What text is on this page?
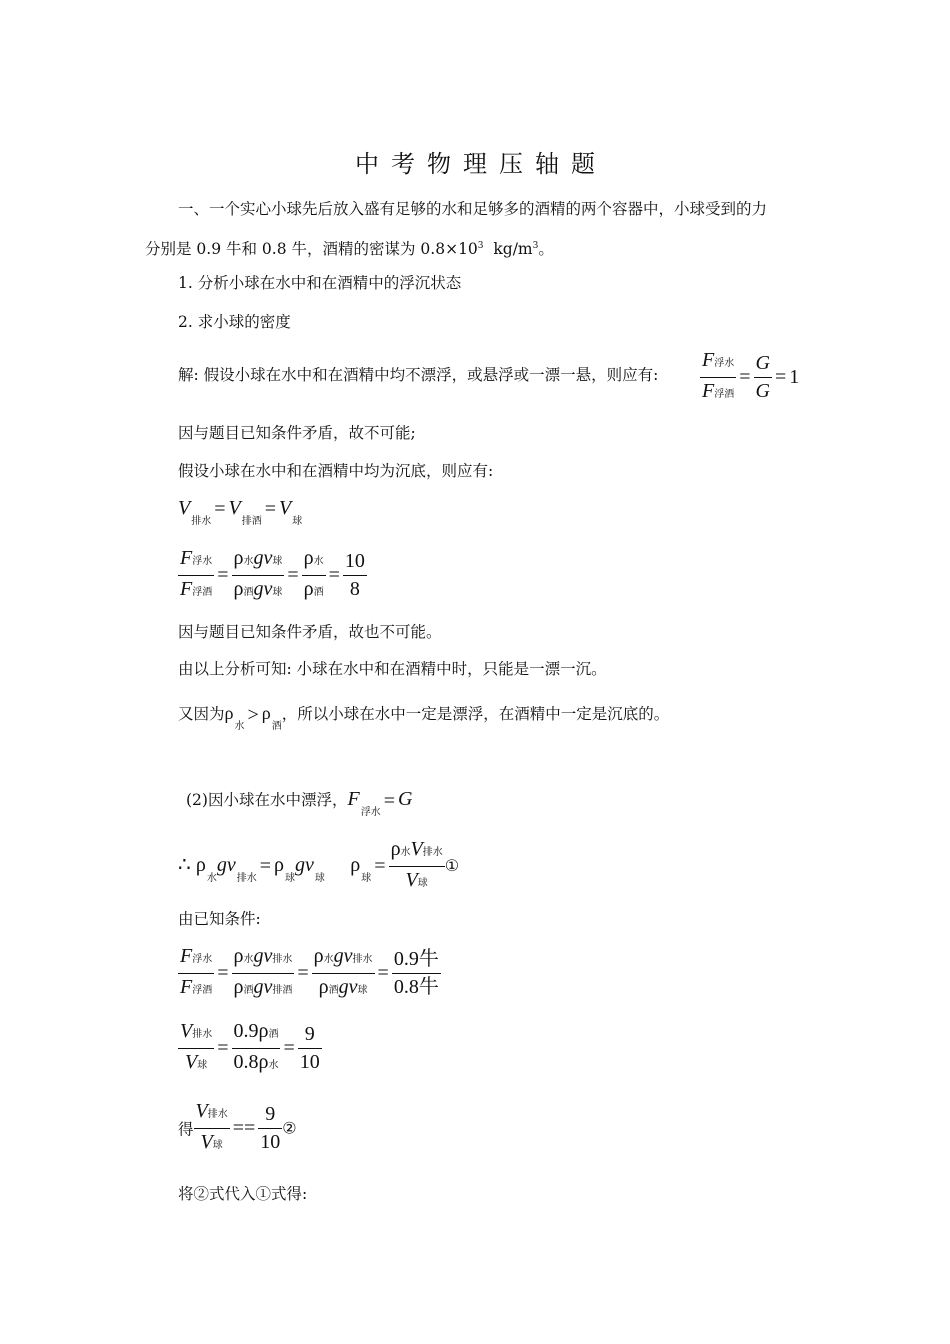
中 考 物 理 压 轴 题
一、一个实心小球先后放入盛有足够的水和足够多的酒精的两个容器中，小球受到的力
分别是 0.9 牛和 0.8 牛，酒精的密谋为 $0.8\times 10^3$ $kg/m^3$。
1. 分析小球在水中和在酒精中的浮沉状态
2. 求小球的密度
解: 假设小球在水中和在酒精中均不漂浮，或悬浮或一漂一悬，则应有: $\frac{\text{F浮水}}{\text{F浮酒}} = \frac{G}{G} = 1$
因与题目已知条件矛盾，故不可能;
假设小球在水中和在酒精中均为沉底，则应有:
$V_{排水}= V_{排酒}= V_球$
$\frac{\text{F浮水}}{\text{F浮酒}} = \frac{\text{ρ水gv球}}{\text{ρ酒gv球}} = \frac{\text{ρ水}}{\text{ρ酒}} = \frac{10}{8}$
因与题目已知条件矛盾，故也不可能。
由以上分析可知: 小球在水中和在酒精中时，只能是一漂一沉。
又因为$\rho_水> \rho_酒$，所以小球在水中一定是漂浮，在酒精中一定是沉底的。
(2)因小球在水中漂浮，$F_{浮水}= G$
∴ $\rho_水gv_{排水}= \rho_球gv_球$     $\rho_球= \frac{\text{ρ水V排水}}{\text{V球}}$ ①
由已知条件:
$\frac{\text{F浮水}}{\text{F浮酒}} = \frac{\text{ρ水gv排水}}{\text{ρ酒gv排酒}} = \frac{\text{ρ水gv排水}}{\text{ρ酒gv球}} = \frac{\text{0.9牛}}{\text{0.8牛}}$
$\frac{\text{V排水}}{\text{V球}} = \frac{\text{0.9ρ酒}}{\text{0.8ρ水}} = \frac{9}{10}$
得 $\frac{\text{V排水}}{\text{V球}} == \frac{9}{10}$ ②
将②式代入①式得:
